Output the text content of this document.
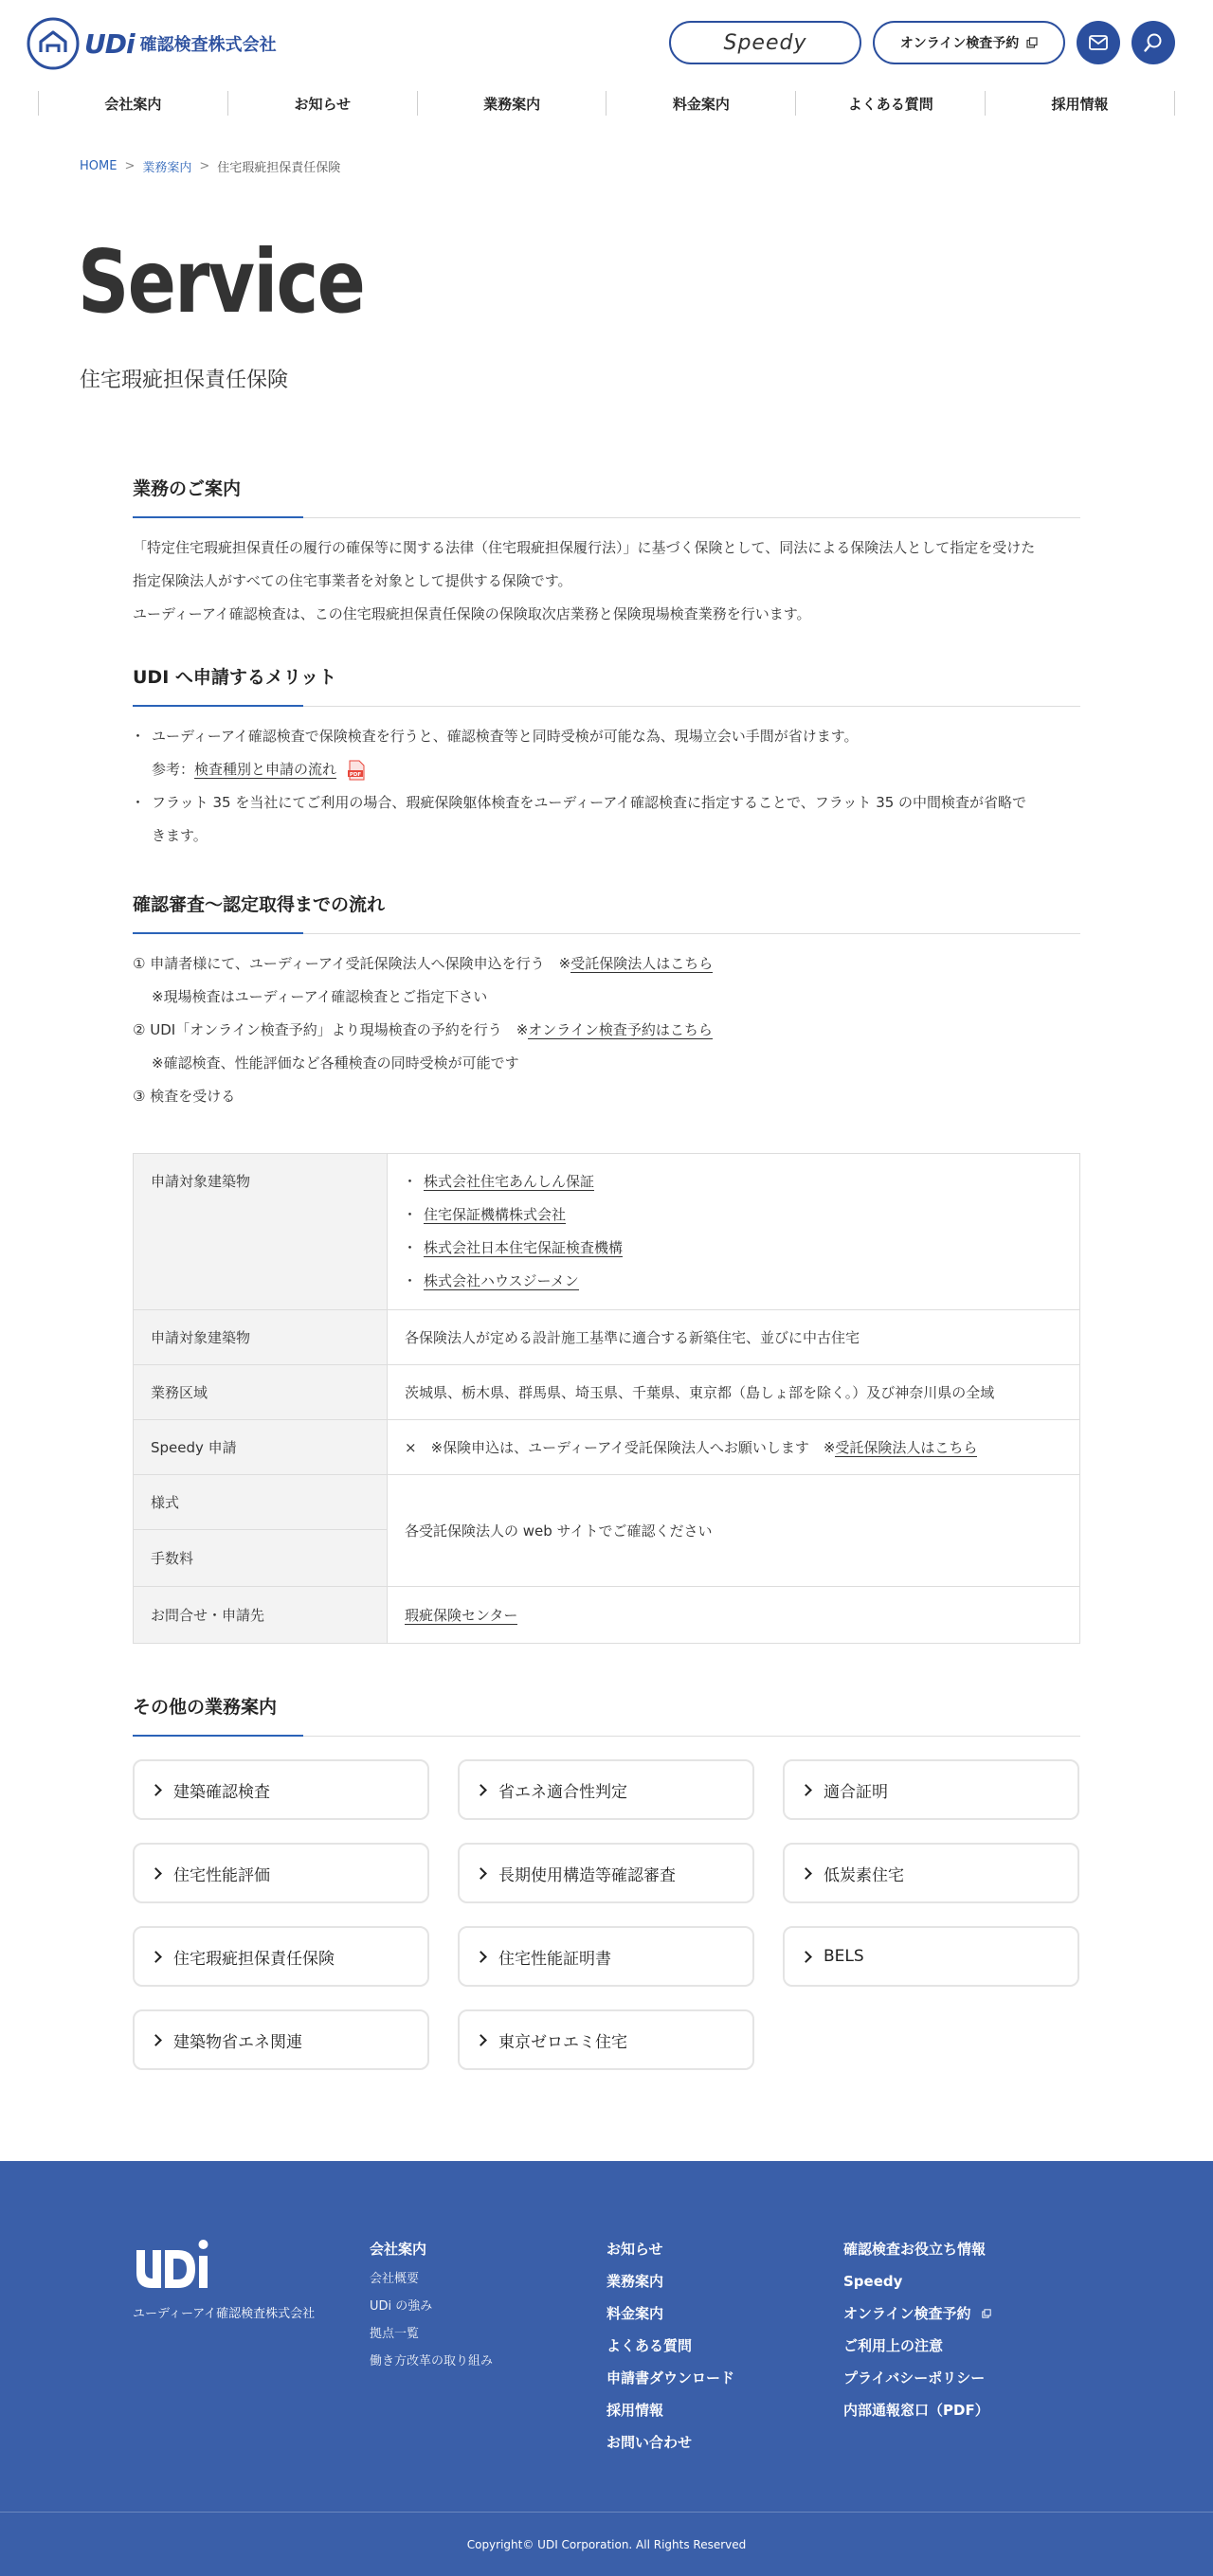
UDi 確認検査株式会社	Speedy	オンライン検査予約
会社案内	お知らせ	業務案内	料金案内	よくある質問	採用情報
HOME > 業務案内 > 住宅瑕疵担保責任保険
Service
住宅瑕疵担保責任保険
業務のご案内
「特定住宅瑕疵担保責任の履行の確保等に関する法律（住宅瑕疵担保履行法）」に基づく保険として、同法による保険法人として指定を受けた
指定保険法人がすべての住宅事業者を対象として提供する保険です。
ユーディーアイ確認検査は、この住宅瑕疵担保責任保険の保険取次店業務と保険現場検査業務を行います。
UDI へ申請するメリット
・ ユーディーアイ確認検査で保険検査を行うと、確認検査等と同時受検が可能な為、現場立会い手間が省けます。
参考：検査種別と申請の流れ PDF
・ フラット 35 を当社にてご利用の場合、瑕疵保険躯体検査をユーディーアイ確認検査に指定することで、フラット 35 の中間検査が省略で
きます。
確認審査〜認定取得までの流れ
① 申請者様にて、ユーディーアイ受託保険法人へ保険申込を行う　※受託保険法人はこちら
※現場検査はユーディーアイ確認検査とご指定下さい
② UDI「オンライン検査予約」より現場検査の予約を行う　※オンライン検査予約はこちら
※確認検査、性能評価など各種検査の同時受検が可能です
③ 検査を受ける
申請対象建築物	・ 株式会社住宅あんしん保証
・ 住宅保証機構株式会社
・ 株式会社日本住宅保証検査機構
・ 株式会社ハウスジーメン

申請対象建築物	各保険法人が定める設計施工基準に適合する新築住宅、並びに中古住宅
業務区域	茨城県、栃木県、群馬県、埼玉県、千葉県、東京都（島しょ部を除く。）及び神奈川県の全域
Speedy 申請	×　※保険申込は、ユーディーアイ受託保険法人へお願いします　※受託保険法人はこちら
様式	各受託保険法人の web サイトでご確認ください
手数料	
お問合せ・申請先	瑕疵保険センター
その他の業務案内
建築確認検査	省エネ適合性判定	適合証明
住宅性能評価	長期使用構造等確認審査	低炭素住宅
住宅瑕疵担保責任保険	住宅性能証明書	BELS
建築物省エネ関連	東京ゼロエミ住宅
ユーディーアイ確認検査株式会社
会社案内
会社概要
UDi の強み
拠点一覧
働き方改革の取り組み
お知らせ
業務案内
料金案内
よくある質問
申請書ダウンロード
採用情報
お問い合わせ
確認検査お役立ち情報
Speedy
オンライン検査予約
ご利用上の注意
プライバシーポリシー
内部通報窓口（PDF）
Copyright© UDI Corporation. All Rights Reserved
